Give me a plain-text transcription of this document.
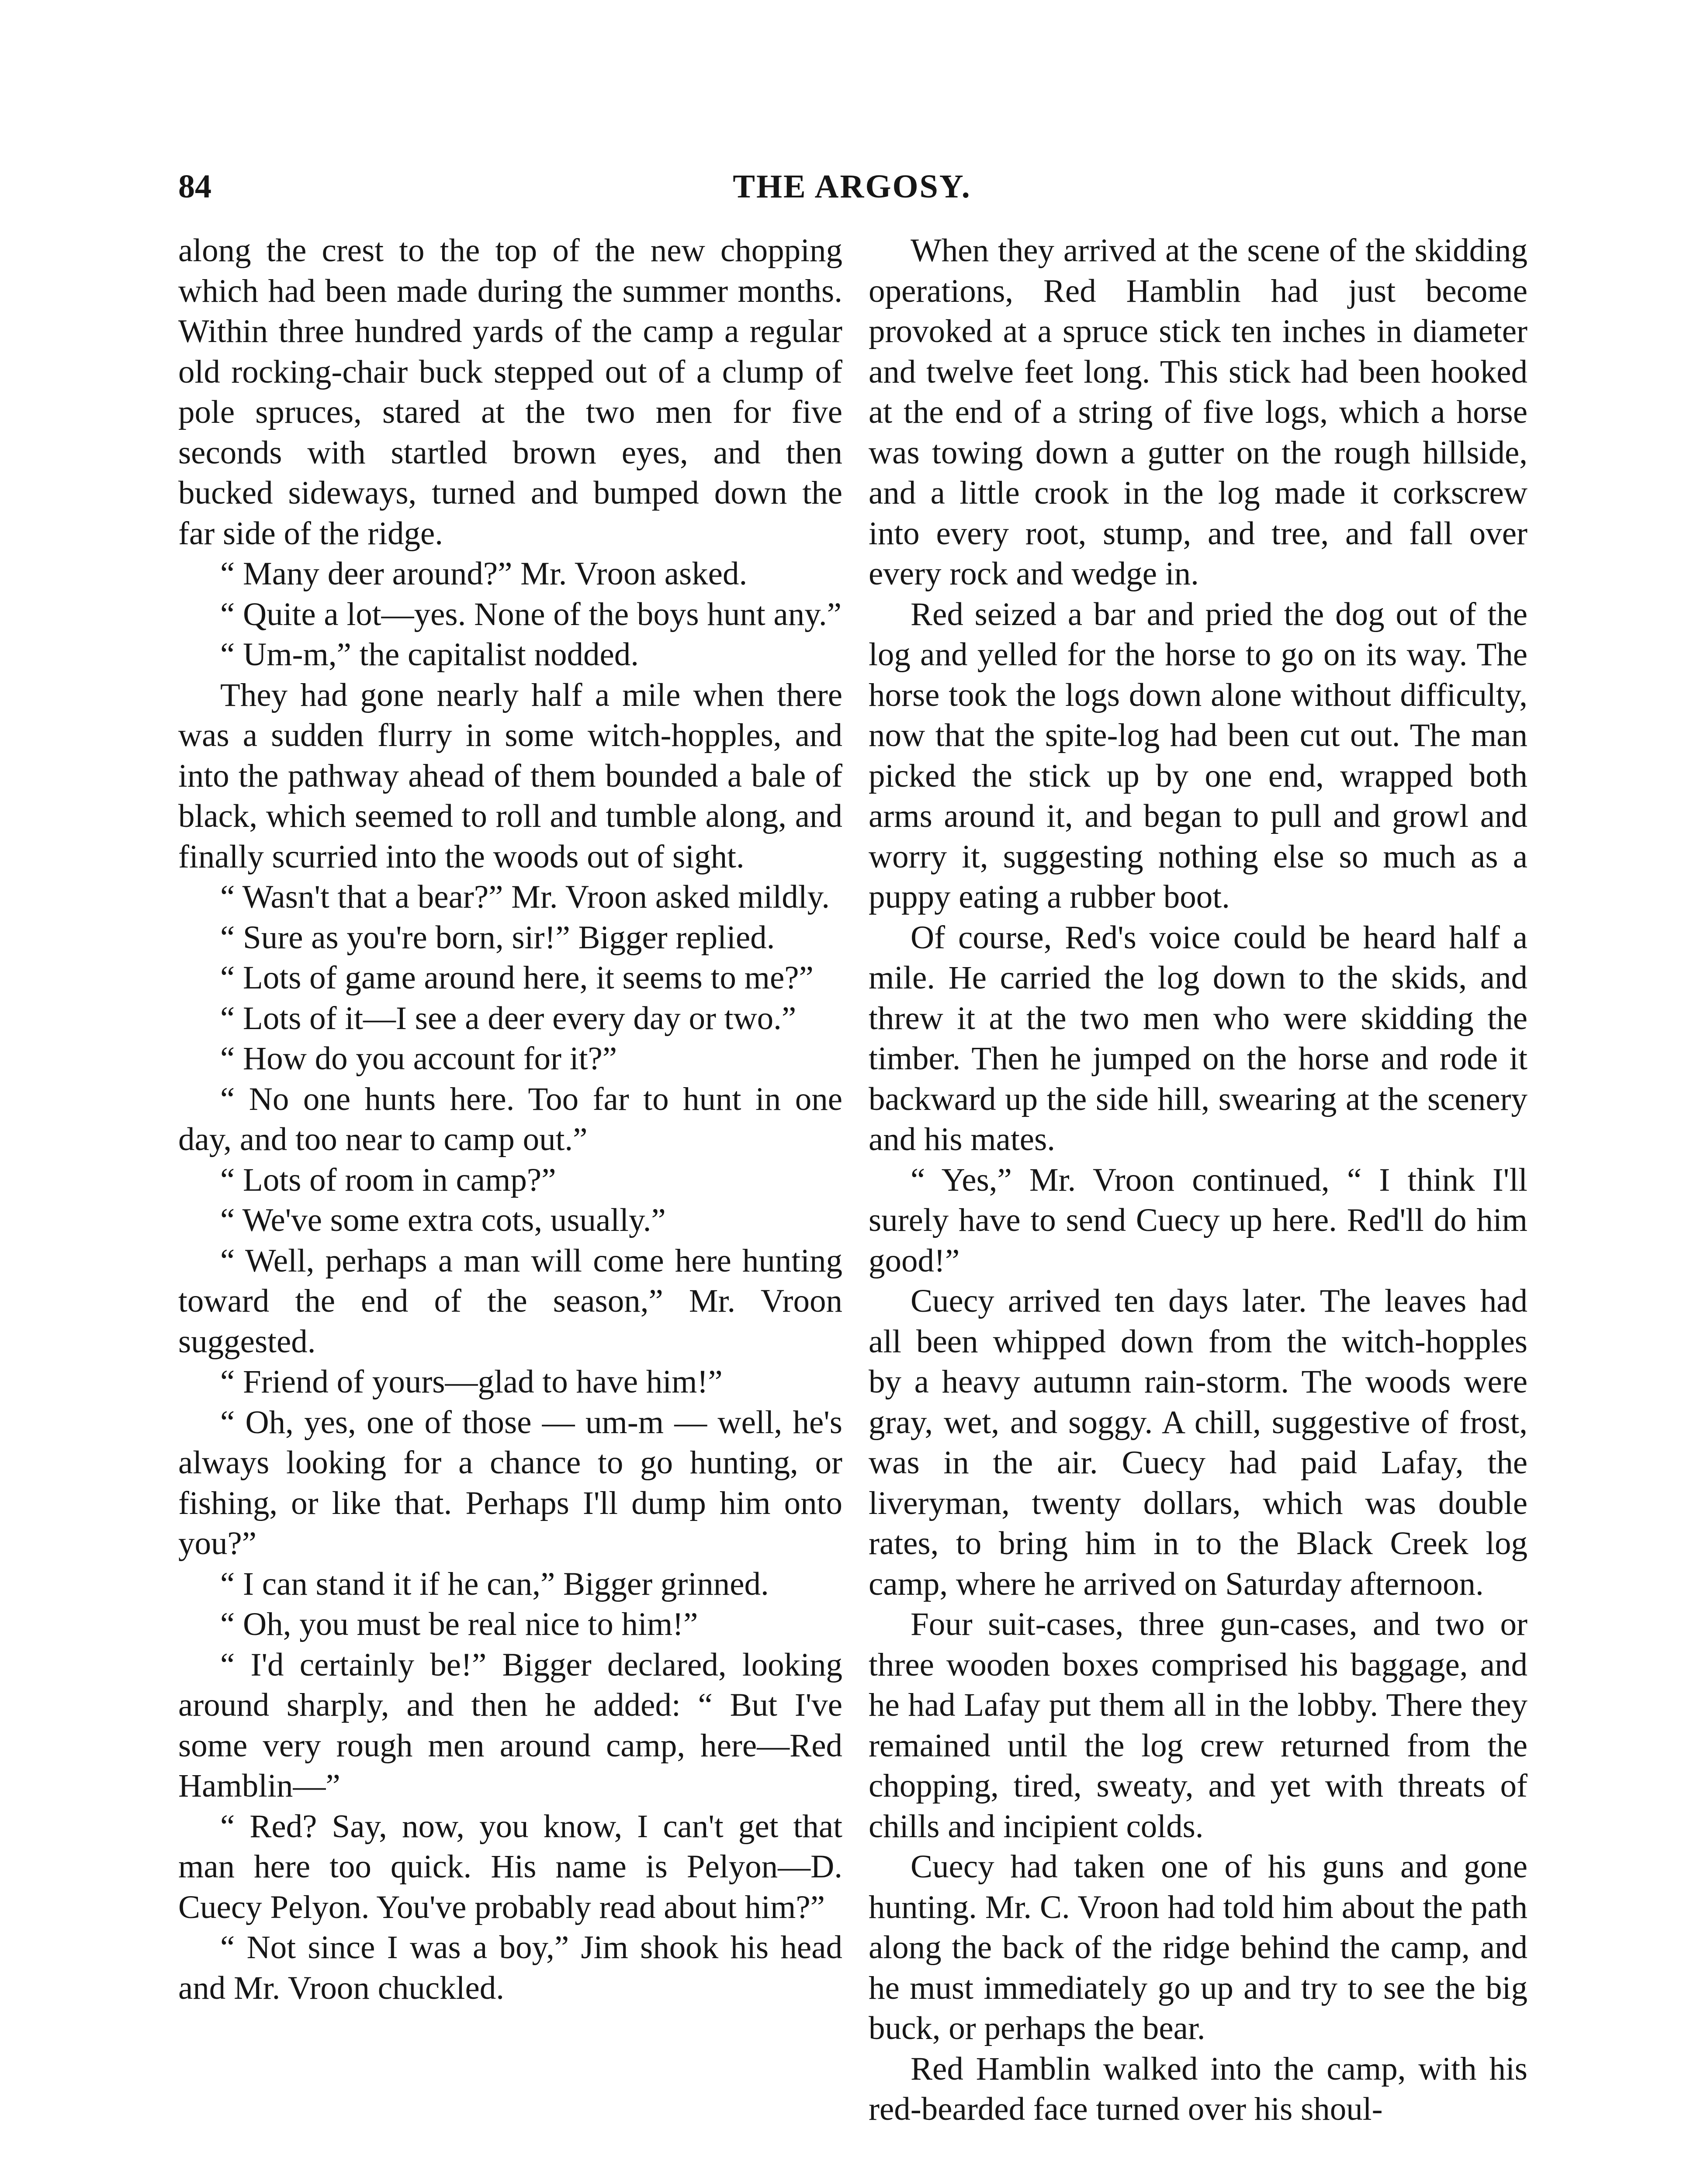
84	THE ARGOSY.

along the crest to the top of the new chopping which had been made during the summer months. Within three hundred yards of the camp a regular old rocking-chair buck stepped out of a clump of pole spruces, stared at the two men for five seconds with startled brown eyes, and then bucked sideways, turned and bumped down the far side of the ridge.

“ Many deer around?” Mr. Vroon asked.

“ Quite a lot—yes. None of the boys hunt any.”

“ Um-m,” the capitalist nodded.

They had gone nearly half a mile when there was a sudden flurry in some witch-hopples, and into the pathway ahead of them bounded a bale of black, which seemed to roll and tumble along, and finally scurried into the woods out of sight.

“ Wasn't that a bear?” Mr. Vroon asked mildly.

“ Sure as you're born, sir!” Bigger replied.

“ Lots of game around here, it seems to me?”

“ Lots of it—I see a deer every day or two.”

“ How do you account for it?”

“ No one hunts here. Too far to hunt in one day, and too near to camp out.”

“ Lots of room in camp?”

“ We've some extra cots, usually.”

“ Well, perhaps a man will come here hunting toward the end of the season,” Mr. Vroon suggested.

“ Friend of yours—glad to have him!”

“ Oh, yes, one of those — um-m — well, he's always looking for a chance to go hunting, or fishing, or like that. Perhaps I'll dump him onto you?”

“ I can stand it if he can,” Bigger grinned.

“ Oh, you must be real nice to him!”

“ I'd certainly be!” Bigger declared, looking around sharply, and then he added: “ But I've some very rough men around camp, here—Red Hamblin—”

“ Red? Say, now, you know, I can't get that man here too quick. His name is Pelyon—D. Cuecy Pelyon. You've probably read about him?”

“ Not since I was a boy,” Jim shook his head and Mr. Vroon chuckled.

When they arrived at the scene of the skidding operations, Red Hamblin had just become provoked at a spruce stick ten inches in diameter and twelve feet long. This stick had been hooked at the end of a string of five logs, which a horse was towing down a gutter on the rough hillside, and a little crook in the log made it corkscrew into every root, stump, and tree, and fall over every rock and wedge in.

Red seized a bar and pried the dog out of the log and yelled for the horse to go on its way. The horse took the logs down alone without difficulty, now that the spite-log had been cut out. The man picked the stick up by one end, wrapped both arms around it, and began to pull and growl and worry it, suggesting nothing else so much as a puppy eating a rubber boot.

Of course, Red's voice could be heard half a mile. He carried the log down to the skids, and threw it at the two men who were skidding the timber. Then he jumped on the horse and rode it backward up the side hill, swearing at the scenery and his mates.

“ Yes,” Mr. Vroon continued, “ I think I'll surely have to send Cuecy up here. Red'll do him good!”

Cuecy arrived ten days later. The leaves had all been whipped down from the witch-hopples by a heavy autumn rain-storm. The woods were gray, wet, and soggy. A chill, suggestive of frost, was in the air. Cuecy had paid Lafay, the liveryman, twenty dollars, which was double rates, to bring him in to the Black Creek log camp, where he arrived on Saturday afternoon.

Four suit-cases, three gun-cases, and two or three wooden boxes comprised his baggage, and he had Lafay put them all in the lobby. There they remained until the log crew returned from the chopping, tired, sweaty, and yet with threats of chills and incipient colds.

Cuecy had taken one of his guns and gone hunting. Mr. C. Vroon had told him about the path along the back of the ridge behind the camp, and he must immediately go up and try to see the big buck, or perhaps the bear.

Red Hamblin walked into the camp, with his red-bearded face turned over his shoul-
